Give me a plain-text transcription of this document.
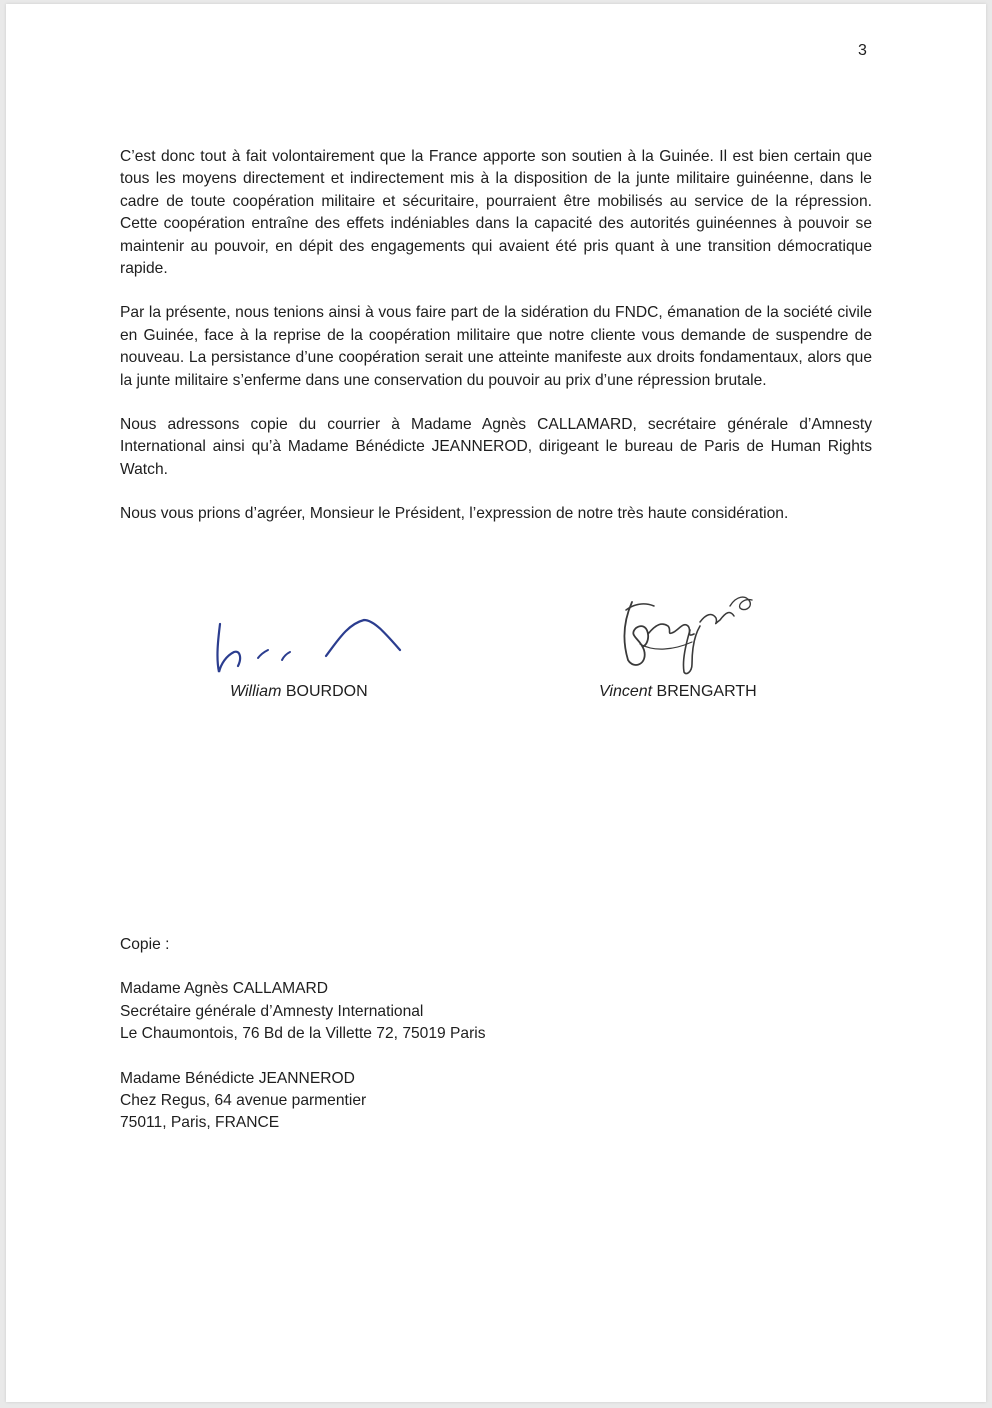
3

C’est donc tout à fait volontairement que la France apporte son soutien à la Guinée. Il est bien certain que tous les moyens directement et indirectement mis à la disposition de la junte militaire guinéenne, dans le cadre de toute coopération militaire et sécuritaire, pourraient être mobilisés au service de la répression. Cette coopération entraîne des effets indéniables dans la capacité des autorités guinéennes à pouvoir se maintenir au pouvoir, en dépit des engagements qui avaient été pris quant à une transition démocratique rapide.

Par la présente, nous tenions ainsi à vous faire part de la sidération du FNDC, émanation de la société civile en Guinée, face à la reprise de la coopération militaire que notre cliente vous demande de suspendre de nouveau. La persistance d’une coopération serait une atteinte manifeste aux droits fondamentaux, alors que la junte militaire s’enferme dans une conservation du pouvoir au prix d’une répression brutale.

Nous adressons copie du courrier à Madame Agnès CALLAMARD, secrétaire générale d’Amnesty International ainsi qu’à Madame Bénédicte JEANNEROD, dirigeant le bureau de Paris de Human Rights Watch.

Nous vous prions d’agréer, Monsieur le Président, l’expression de notre très haute considération.

William BOURDON	Vincent BRENGARTH
Copie :
Madame Agnès CALLAMARD
Secrétaire générale d’Amnesty International
Le Chaumontois, 76 Bd de la Villette 72, 75019 Paris
Madame Bénédicte JEANNEROD
Chez Regus, 64 avenue parmentier
75011, Paris, FRANCE
